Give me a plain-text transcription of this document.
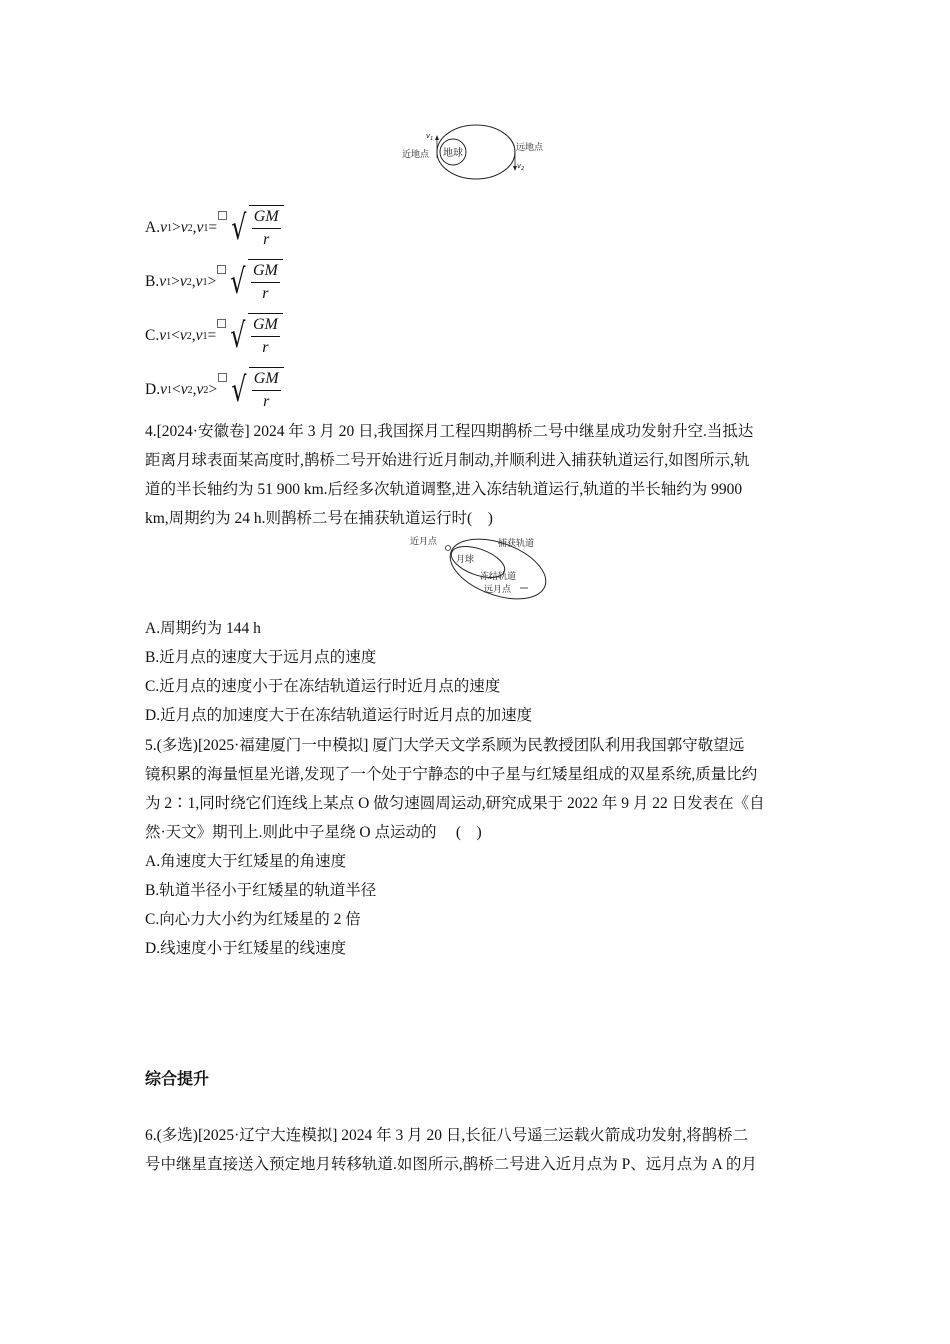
地球
近地点
远地点
$v_1$
$v_2$
A. v 1 > v 2 , v 1 = √ $\frac{GM}{r}$
B. v 1 > v 2 , v 1 > √ $\frac{GM}{r}$
C. v 1 < v 2 , v 1 = √ $\frac{GM}{r}$
D. v 1 < v 2 , v 2 > √ $\frac{GM}{r}$
4.[2024·安徽卷] 2024 年 3 月 20 日,我国探月工程四期鹊桥二号中继星成功发射升空.当抵达
距离月球表面某高度时,鹊桥二号开始进行近月制动,并顺利进入捕获轨道运行,如图所示,轨
道的半长轴约为 51 900 km.后经多次轨道调整,进入冻结轨道运行,轨道的半长轴约为 9900
km,周期约为 24 h.则鹊桥二号在捕获轨道运行时(　)
近月点	捕获轨道
月球
冻结轨道
远月点
A.周期约为 144 h
B.近月点的速度大于远月点的速度
C.近月点的速度小于在冻结轨道运行时近月点的速度
D.近月点的加速度大于在冻结轨道运行时近月点的加速度
5.(多选)[2025·福建厦门一中模拟] 厦门大学天文学系顾为民教授团队利用我国郭守敬望远
镜积累的海量恒星光谱,发现了一个处于宁静态的中子星与红矮星组成的双星系统,质量比约
为 2∶1,同时绕它们连线上某点 O 做匀速圆周运动,研究成果于 2022 年 9 月 22 日发表在《自
然·天文》期刊上.则此中子星绕 O 点运动的　 (　)
A.角速度大于红矮星的角速度
B.轨道半径小于红矮星的轨道半径
C.向心力大小约为红矮星的 2 倍
D.线速度小于红矮星的线速度
综合提升
6.(多选)[2025·辽宁大连模拟] 2024 年 3 月 20 日,长征八号遥三运载火箭成功发射,将鹊桥二
号中继星直接送入预定地月转移轨道.如图所示,鹊桥二号进入近月点为 P、远月点为 A 的月
